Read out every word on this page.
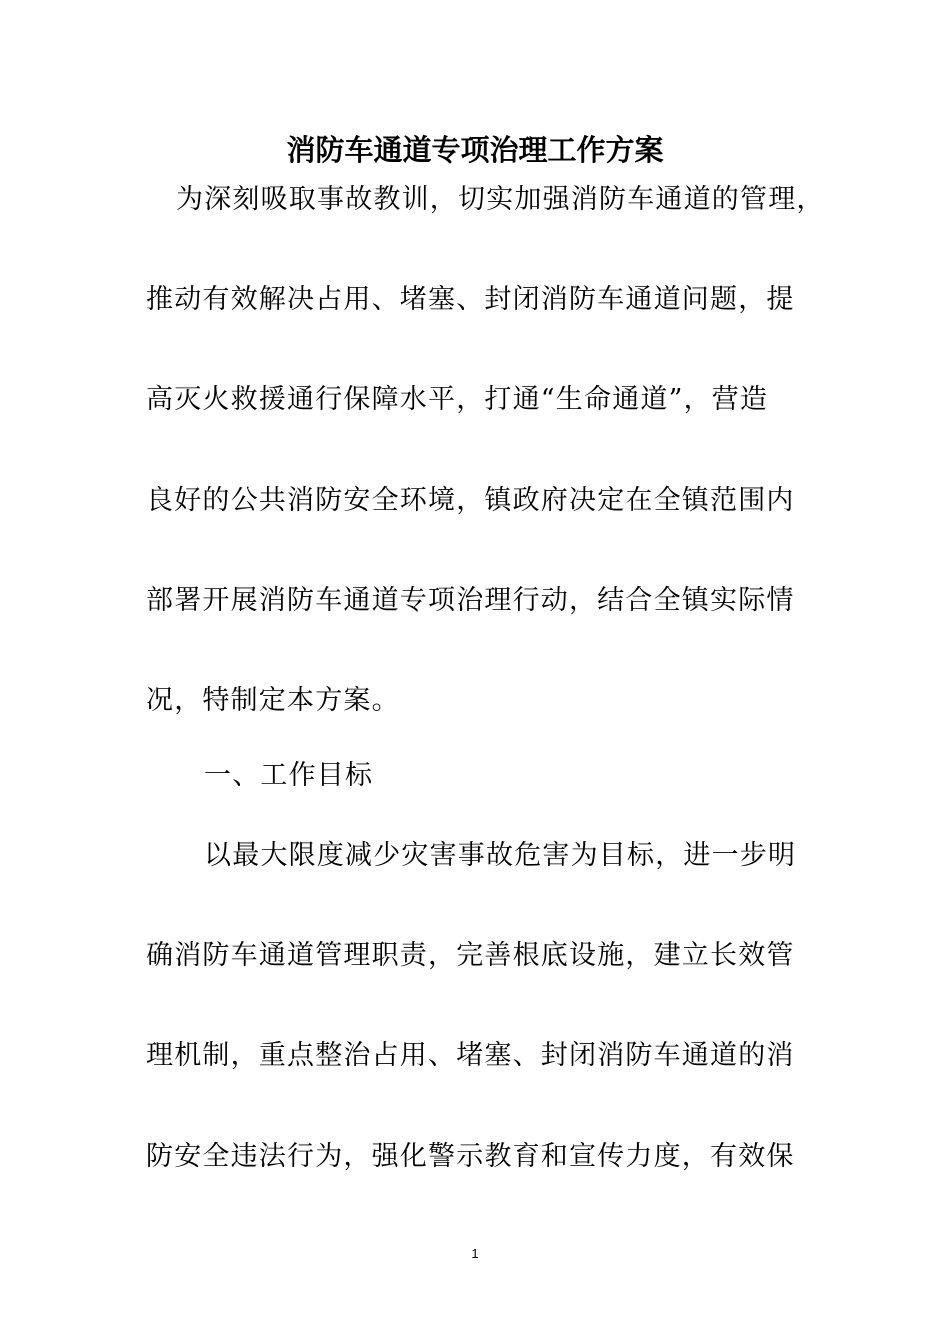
消防车通道专项治理工作方案
为深刻吸取事故教训，切实加强消防车通道的管理，
推动有效解决占用、堵塞、封闭消防车通道问题，提
高灭火救援通行保障水平，打通“生命通道”，营造
良好的公共消防安全环境，镇政府决定在全镇范围内
部署开展消防车通道专项治理行动，结合全镇实际情
况，特制定本方案。
一、工作目标
以最大限度减少灾害事故危害为目标，进一步明
确消防车通道管理职责，完善根底设施，建立长效管
理机制，重点整治占用、堵塞、封闭消防车通道的消
防安全违法行为，强化警示教育和宣传力度，有效保
1
